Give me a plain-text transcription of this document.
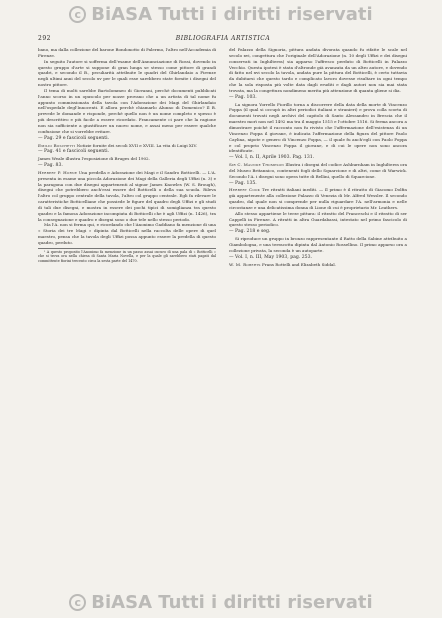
c BiASA Tutti i diritti riservati
292	BIBLIOGRAFIA ARTISTICA

bano, ma dalla collezione del barone Bondonotto di Palermo, l'altro nell'Accademia di Firenze.

In seguito l'autore si sofferma dell'esame dell'Annunciazione di Rossi, dovendo in questo gruppo d'arte si suppone di gran lunga se stesso come pittore di grandi quadri, e secondo il B., peculiarità attribuite le quadri del Ghirlandaio a Firenze negli ultimi anni del secolo xv per le quali esse sarebbero state fornite i disegni del nostro pittore.

Il tema di molti sarebbe Bartolommeo di Giovanni, perchè documenti pubblicati l'anno scorso in un opuscolo per nozze provano che a un artista di tal nome fu appunto commissionata della tavola con l'Adorazione dei Magi del Ghirlandaio nell'ospedale degl'Innocenti. E allora perchè chiamarlo Alunno di Domenico? Il B. prevede le domande e risponde, perchè quello non è un nome completo e spesso è più descrittivo e più facile a essere ricordato. Francamente ci pare che la ragione non sia sufficiente a giustificare un nuovo nome, e assai meno per essere qualche confusione che si vorrebbe evitare.

— Pag. 29 e fascicoli seguenti.

Emilio Boschetti Notizie fornite dei secoli XVII e XVIII. La vita di Luigi XIV.

— Pag. 41 e fascicoli seguenti.

James Weale illustra l'esposizione di Bruges del 1902.

— Pag. 83.

Herbert P. Horne Una predella e Adorazione dei Magi e il Sandro Botticelli. — L'A. presenta in esame una piccola Adorazione dei Magi della Galleria degli Uffizi (n. 3) e la paragona con due disegni appartenenti al signor James Knowles (W. S. Brough), disegni che potrebbero anch'essi essere del Botticelli o della sua scuola. Rileva l'altro col gruppo centrale della tavola, l'altro col gruppo centrale. Egli fa rilevare le caratteristiche Botticelliane che possiede le figure del quadro degli Uffizi e gli studi di tali due disegni, e mostra in essere dei pochi tipici di somiglianza tra questo quadro e la famosa Adorazione incompiuta di Botticelli che è agli Uffizi (n. 1426), tra la consegnazione e quadro e disegni sono o due tele nello stesso periodo.

Ma l'A. non si ferma qui, e ricordando che l'Anonimo Gaddiano fa menzione di una « Storia dei tre Magi » dipinta dal Botticelli nella raccolta delle opere di quel maestro, pensa che la tavola degli Uffizi possa appunto essere la predella di questo quadro, perduto.

¹ A questo proposito l'Anonimo fa menzione in un passo assai oscuro di una pala di « Botticelli » che si trova ora nella chiesa di Santa Maria Novella, e per la quale gli sarebbero stati pagati dal committente fiorini trecento circa la sesta parte del 1470.

del Palazzo della Signoria, pittura andata divorata quando fu rifatte le scale nel secolo xvi, congettura che l'originale dell'Adorazione (n. 10 degli Uffizi e dei disegni conservati in Inghilterra) sia apparso l'affresco perduto di Botticelli in Palazzo Vecchio. Questa ipotesi è stata d'altronde già avanzata da un altro autore, e dovendo di fatto nel xvi secolo la tavola, andata pure la pittura del Botticelli, è certo tuttavia da dubitarsi che questo tardo e complicato lavoro dovesse risultare in ogni tempo che la sola risposta più volte data dagli eruditi e dagli autori non sia mai stata trovata, ma la congettura nondimeno merita più attenzione di quanta gliene si dia.

— Pag. 103.

La signora Yorrello Fiorillo torna a discorrere della data della morte di Vincenzo Foppa (il qual si occupò in altri periodici italiani e stranieri) e prova colla scorta di documenti trovati negli archivi del capitolo di Santo Alessandro in Brescia che il maestro morì non nel 1492 ma tra il maggio 1515 e l'ottobre 1516. Si ferma ancora a dimostrare poiché il racconto non fu rivisto che l'affermazione dell'esistenza di un Vincenzo Foppa il giovane, è indicata l'affermazione della figura del pittore Paolo Caylina, nipote e genero di Vincenzo Foppa, — il quale fu anch'egli con Paolo Foppa e col proprio Vincenzo Foppa il giovane, e di cui le opere non sono ancora identificate.

— Vol. I, n. II, Aprile 1903. Pag. 131.

Sir C. Maunde Thompson Illustra i disegni del codice Ashburnham in Inghilterra ora del Museo Britannico, contenenti fogli dello Squarcione e di altri, come di Warwick. Secondo l'A. i disegni sono opera tutte di Bellini, quello di Squarcione.

— Pag. 135.

Herbert Cook Tre ritratti italiani inediti. — Il primo è il ritratto di Giacomo Dolfin già appartenente alla collezione Palazzo di Venezia di Mr. Alfred Wessler. Il secondo quadro, dal quale non si comprende per nulla riguardare l'A. nell'armonia e nelle circostanze e una delicatissima donna di Lione di cui è proprietario Mr. Leathers.

Allo stesso appartiene le terze pittura: il ritratto del Franceschi e il ritratto di ser Cappelli in Firenze. A ritratti in altra Guardabassi, intestato nel primo fascicolo di questo stesso periodico.

— Pag. 218 e seg.

Si riproduce un gruppo in bronzo rappresentante il Ratto della Sabine attribuito a Giambologna, e una terracotta dipinta dal Antonio Rossellino. Il primo apparso ora a collezione privata, la seconda è un autoparte.

— Vol. I, n. III, May 1903, pag. 253.

W. M. Roberts Frans Rottelli and Elizabeth Siddal.

c BiASA Tutti i diritti riservati
